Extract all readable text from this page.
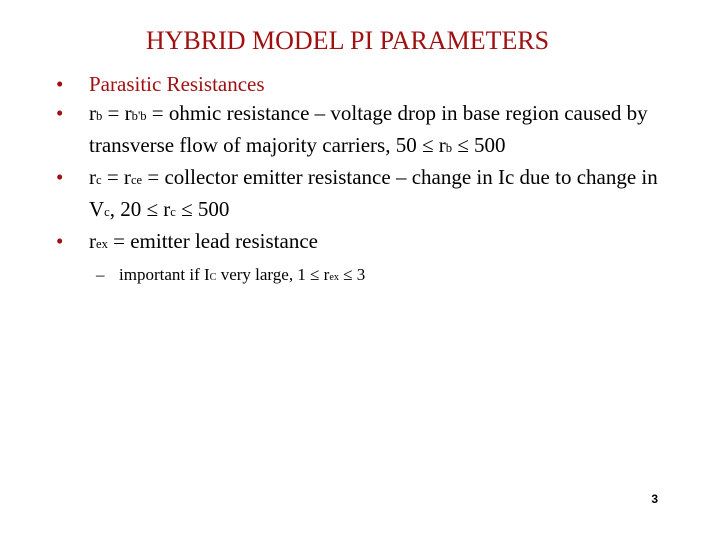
HYBRID MODEL PI PARAMETERS
• Parasitic Resistances
• rb = rb'b = ohmic resistance – voltage drop in base region caused by transverse flow of majority carriers, 50 ≤ rb ≤ 500
• rc = rce = collector emitter resistance – change in Ic due to change in Vc, 20 ≤ rc ≤ 500
• rex = emitter lead resistance
– important if IC very large, 1 ≤ rex ≤ 3
3
